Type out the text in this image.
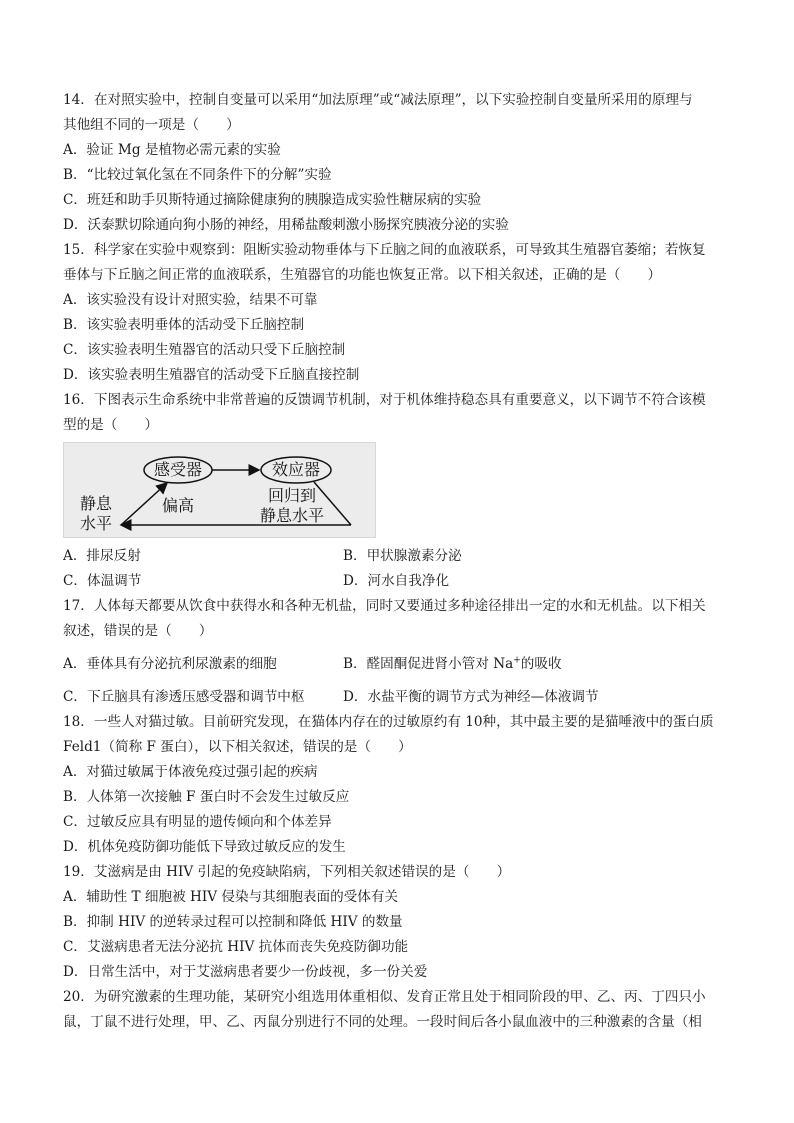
14．在对照实验中，控制自变量可以采用“加法原理”或“减法原理”，以下实验控制自变量所采用的原理与
其他组不同的一项是（　　）
A．验证 Mg 是植物必需元素的实验
B．“比较过氧化氢在不同条件下的分解”实验
C．班廷和助手贝斯特通过摘除健康狗的胰腺造成实验性糖尿病的实验
D．沃泰默切除通向狗小肠的神经，用稀盐酸刺激小肠探究胰液分泌的实验
15．科学家在实验中观察到：阻断实验动物垂体与下丘脑之间的血液联系，可导致其生殖器官萎缩；若恢复
垂体与下丘脑之间正常的血液联系，生殖器官的功能也恢复正常。以下相关叙述，正确的是（　　）
A．该实验没有设计对照实验，结果不可靠
B．该实验表明垂体的活动受下丘脑控制
C．该实验表明生殖器官的活动只受下丘脑控制
D．该实验表明生殖器官的活动受下丘脑直接控制
16．下图表示生命系统中非常普遍的反馈调节机制，对于机体维持稳态具有重要意义，以下调节不符合该模
型的是（　　）
感受器	效应器
静息
水平
偏高
回归到
静息水平
A．排尿反射	B．甲状腺激素分泌
C．体温调节	D．河水自我净化
17．人体每天都要从饮食中获得水和各种无机盐，同时又要通过多种途径排出一定的水和无机盐。以下相关
叙述，错误的是（　　）
A．垂体具有分泌抗利尿激素的细胞	B．醛固酮促进肾小管对 Na+的吸收
C．下丘脑具有渗透压感受器和调节中枢	D．水盐平衡的调节方式为神经—体液调节
18．一些人对猫过敏。目前研究发现，在猫体内存在的过敏原约有 10种，其中最主要的是猫唾液中的蛋白质
Feld1（简称 F 蛋白），以下相关叙述，错误的是（　　）
A．对猫过敏属于体液免疫过强引起的疾病
B．人体第一次接触 F 蛋白时不会发生过敏反应
C．过敏反应具有明显的遗传倾向和个体差异
D．机体免疫防御功能低下导致过敏反应的发生
19．艾滋病是由 HIV 引起的免疫缺陷病，下列相关叙述错误的是（　　）
A．辅助性 T 细胞被 HIV 侵染与其细胞表面的受体有关
B．抑制 HIV 的逆转录过程可以控制和降低 HIV 的数量
C．艾滋病患者无法分泌抗 HIV 抗体而丧失免疫防御功能
D．日常生活中，对于艾滋病患者要少一份歧视，多一份关爱
20．为研究激素的生理功能，某研究小组选用体重相似、发育正常且处于相同阶段的甲、乙、丙、丁四只小
鼠，丁鼠不进行处理，甲、乙、丙鼠分别进行不同的处理。一段时间后各小鼠血液中的三种激素的含量（相
